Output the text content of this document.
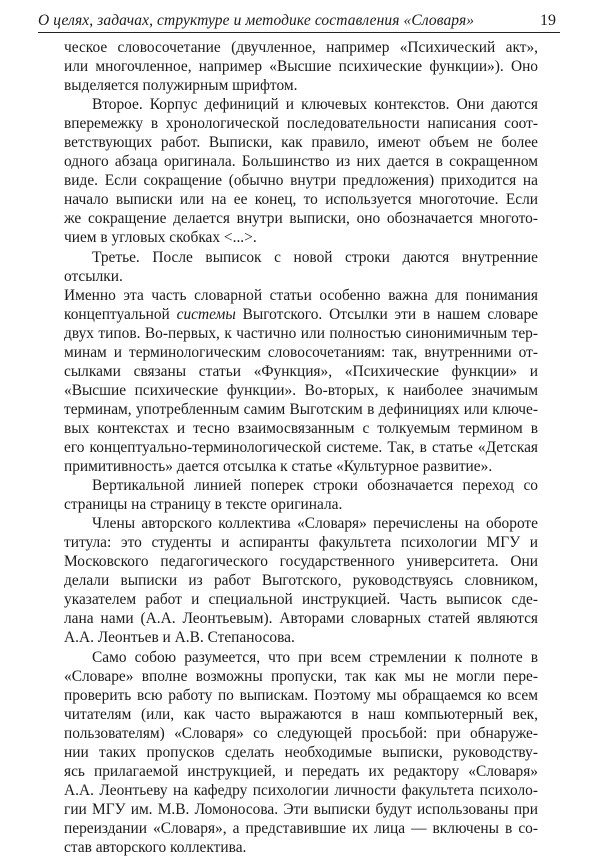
О целях, задачах, структуре и методике составления «Словаря»	19

ческое словосочетание (двучленное, например «Психический акт»,

или многочленное, например «Высшие психические функции»). Оно

выделяется полужирным шрифтом.

Второе. Корпус дефиниций и ключевых контекстов. Они даются

вперемежку в хронологической последовательности написания соот-

ветствующих работ. Выписки, как правило, имеют объем не более

одного абзаца оригинала. Большинство из них дается в сокращенном

виде. Если сокращение (обычно внутри предложения) приходится на

начало выписки или на ее конец, то используется многоточие. Если

же сокращение делается внутри выписки, оно обозначается многото-

чием в угловых скобках <...>.

Третье. После выписок с новой строки даются внутренние отсылки.

Именно эта часть словарной статьи особенно важна для понимания

концептуальной системы Выготского. Отсылки эти в нашем словаре

двух типов. Во-первых, к частично или полностью синонимичным тер-

минам и терминологическим словосочетаниям: так, внутренними от-

сылками связаны статьи «Функция», «Психические функции» и

«Высшие психические функции». Во-вторых, к наиболее значимым

терминам, употребленным самим Выготским в дефинициях или ключе-

вых контекстах и тесно взаимосвязанным с толкуемым термином в

его концептуально-терминологической системе. Так, в статье «Детская

примитивность» дается отсылка к статье «Культурное развитие».

Вертикальной линией поперек строки обозначается переход со

страницы на страницу в тексте оригинала.

Члены авторского коллектива «Словаря» перечислены на обороте

титула: это студенты и аспиранты факультета психологии МГУ и

Московского педагогического государственного университета. Они

делали выписки из работ Выготского, руководствуясь словником,

указателем работ и специальной инструкцией. Часть выписок сде-

лана нами (А.А. Леонтьевым). Авторами словарных статей являются

А.А. Леонтьев и А.В. Степаносова.

Само собою разумеется, что при всем стремлении к полноте в

«Словаре» вполне возможны пропуски, так как мы не могли пере-

проверить всю работу по выпискам. Поэтому мы обращаемся ко всем

читателям (или, как часто выражаются в наш компьютерный век,

пользователям) «Словаря» со следующей просьбой: при обнаруже-

нии таких пропусков сделать необходимые выписки, руководству-

ясь прилагаемой инструкцией, и передать их редактору «Словаря»

А.А. Леонтьеву на кафедру психологии личности факультета психоло-

гии МГУ им. М.В. Ломоносова. Эти выписки будут использованы при

переиздании «Словаря», а представившие их лица — включены в со-

став авторского коллектива.
